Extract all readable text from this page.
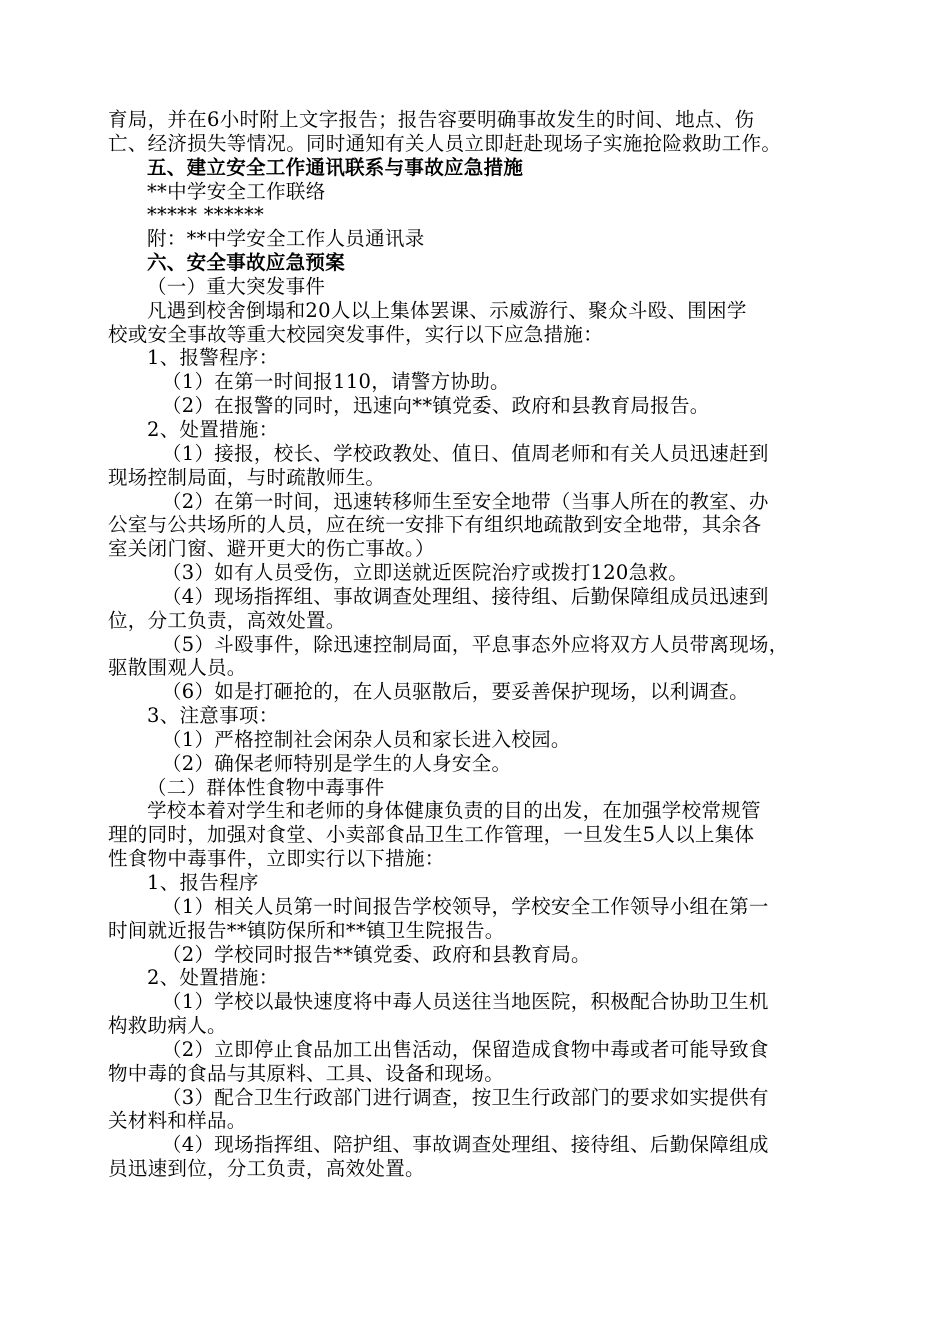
育局，并在6小时附上文字报告；报告容要明确事故发生的时间、地点、伤
亡、经济损失等情况。同时通知有关人员立即赶赴现场子实施抢险救助工作。
五、建立安全工作通讯联系与事故应急措施
**中学安全工作联络
***** ******
附：**中学安全工作人员通讯录
六、安全事故应急预案
（一）重大突发事件
凡遇到校舍倒塌和20人以上集体罢课、示威游行、聚众斗殴、围困学
校或安全事故等重大校园突发事件，实行以下应急措施：
1、报警程序：
（1）在第一时间报110，请警方协助。
（2）在报警的同时，迅速向**镇党委、政府和县教育局报告。
2、处置措施：
（1）接报，校长、学校政教处、值日、值周老师和有关人员迅速赶到
现场控制局面，与时疏散师生。
（2）在第一时间，迅速转移师生至安全地带（当事人所在的教室、办
公室与公共场所的人员，应在统一安排下有组织地疏散到安全地带，其余各
室关闭门窗、避开更大的伤亡事故。）
（3）如有人员受伤，立即送就近医院治疗或拨打120急救。
（4）现场指挥组、事故调查处理组、接待组、后勤保障组成员迅速到
位，分工负责，高效处置。
（5）斗殴事件，除迅速控制局面，平息事态外应将双方人员带离现场，
驱散围观人员。
（6）如是打砸抢的，在人员驱散后，要妥善保护现场，以利调查。
3、注意事项：
（1）严格控制社会闲杂人员和家长进入校园。
（2）确保老师特别是学生的人身安全。
（二）群体性食物中毒事件
学校本着对学生和老师的身体健康负责的目的出发，在加强学校常规管
理的同时，加强对食堂、小卖部食品卫生工作管理，一旦发生5人以上集体
性食物中毒事件，立即实行以下措施：
1、报告程序
（1）相关人员第一时间报告学校领导，学校安全工作领导小组在第一
时间就近报告**镇防保所和**镇卫生院报告。
（2）学校同时报告**镇党委、政府和县教育局。
2、处置措施：
（1）学校以最快速度将中毒人员送往当地医院，积极配合协助卫生机
构救助病人。
（2）立即停止食品加工出售活动，保留造成食物中毒或者可能导致食
物中毒的食品与其原料、工具、设备和现场。
（3）配合卫生行政部门进行调查，按卫生行政部门的要求如实提供有
关材料和样品。
（4）现场指挥组、陪护组、事故调查处理组、接待组、后勤保障组成
员迅速到位，分工负责，高效处置。
